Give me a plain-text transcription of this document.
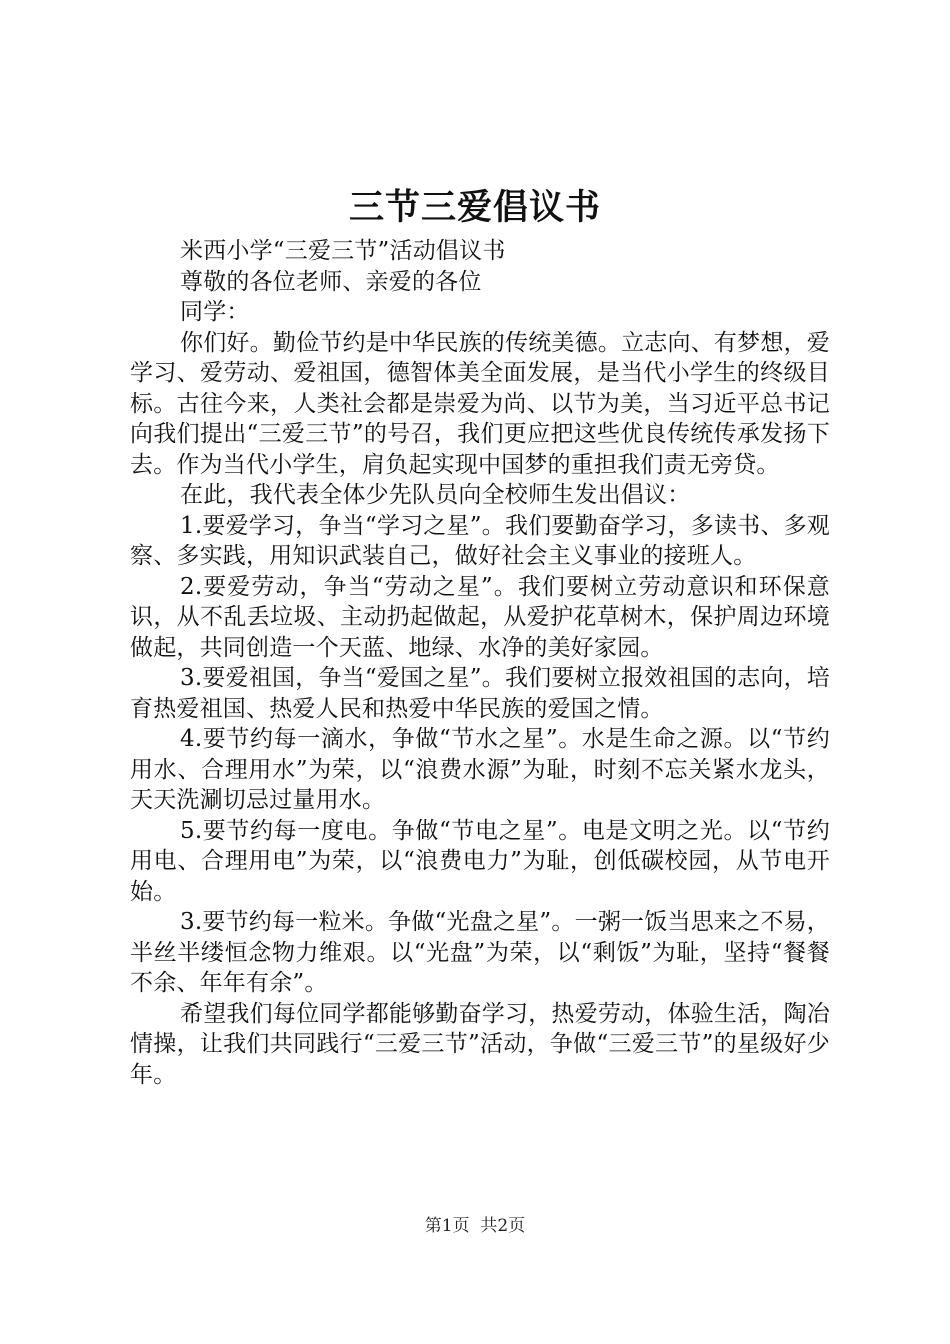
三节三爱倡议书

米西小学“三爱三节”活动倡议书

尊敬的各位老师、亲爱的各位

同学：

你们好。勤俭节约是中华民族的传统美德。立志向、有梦想，爱学习、爱劳动、爱祖国，德智体美全面发展，是当代小学生的终级目标。古往今来，人类社会都是崇爱为尚、以节为美，当习近平总书记向我们提出“三爱三节”的号召，我们更应把这些优良传统传承发扬下去。作为当代小学生，肩负起实现中国梦的重担我们责无旁贷。

在此，我代表全体少先队员向全校师生发出倡议：

1.要爱学习，争当“学习之星”。我们要勤奋学习，多读书、多观察、多实践，用知识武装自己，做好社会主义事业的接班人。

2.要爱劳动，争当“劳动之星”。我们要树立劳动意识和环保意识，从不乱丢垃圾、主动扔起做起，从爱护花草树木，保护周边环境做起，共同创造一个天蓝、地绿、水净的美好家园。

3.要爱祖国，争当“爱国之星”。我们要树立报效祖国的志向，培育热爱祖国、热爱人民和热爱中华民族的爱国之情。

4.要节约每一滴水，争做“节水之星”。水是生命之源。以“节约用水、合理用水”为荣，以“浪费水源”为耻，时刻不忘关紧水龙头，天天洗涮切忌过量用水。

5.要节约每一度电。争做“节电之星”。电是文明之光。以“节约用电、合理用电”为荣，以“浪费电力”为耻，创低碳校园，从节电开始。

3.要节约每一粒米。争做“光盘之星”。一粥一饭当思来之不易，半丝半缕恒念物力维艰。以“光盘”为荣，以“剩饭”为耻，坚持“餐餐不余、年年有余”。

希望我们每位同学都能够勤奋学习，热爱劳动，体验生活，陶冶情操，让我们共同践行“三爱三节”活动，争做“三爱三节”的星级好少年。

第1页 共2页
